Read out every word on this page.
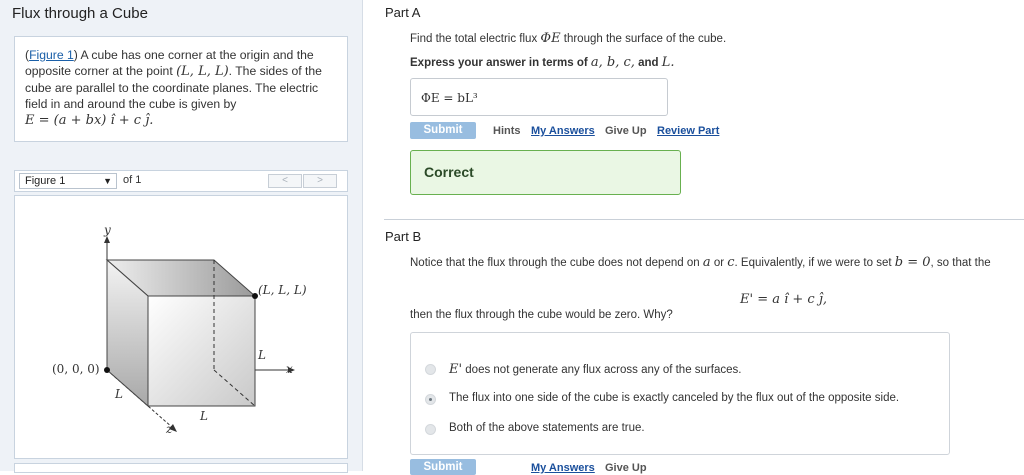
Flux through a Cube
(Figure 1) A cube has one corner at the origin and the
opposite corner at the point (L, L, L). The sides of the
cube are parallel to the coordinate planes. The electric
field in and around the cube is given by
E = (a + bx) î + c ĵ.
Figure 1	▼ of 1	<	>
y
x
z
(L, L, L)
(0, 0, 0)
L
L
L
Part A
Find the total electric flux ΦE through the surface of the cube.
Express your answer in terms of a, b, c, and L.
ΦE = bL³
Submit	Hints My Answers Give Up Review Part
Correct
Part B
Notice that the flux through the cube does not depend on a or c. Equivalently, if we were to set b = 0, so that the
E' = a î + c ĵ,
then the flux through the cube would be zero. Why?
E' does not generate any flux across any of the surfaces.
The flux into one side of the cube is exactly canceled by the flux out of the opposite side.
Both of the above statements are true.
Submit	My Answers Give Up
